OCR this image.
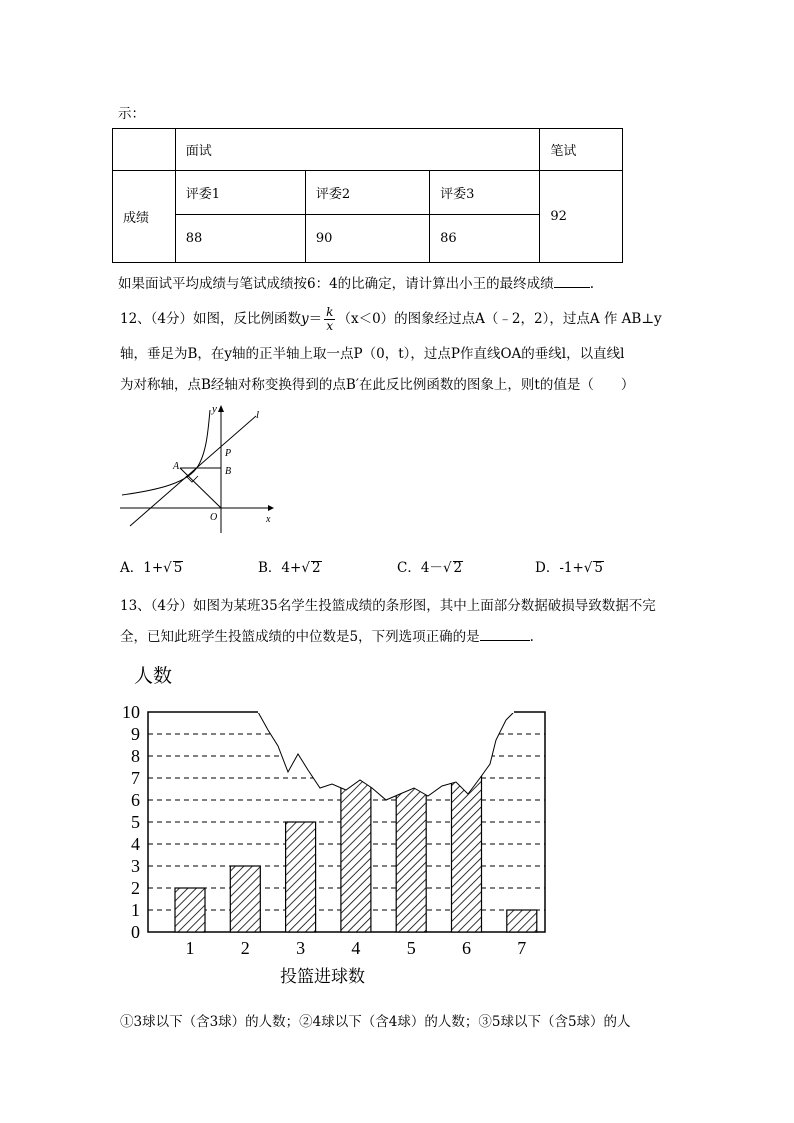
示：
	面试			笔试
成绩	评委1	评委2	评委3	92
	88	90	86	
如果面试平均成绩与笔试成绩按6：4的比确定，请计算出小王的最终成绩	.
12、（4分）如图，反比例函数$y= \frac{k}{x} (x<0)$的图象经过点A（﹣2，2），过点A 作 AB⊥y
轴，垂足为B，在y轴的正半轴上取一点P（0，t），过点P作直线OA的垂线l，以直线l
为对称轴，点B经轴对称变换得到的点B′在此反比例函数的图象上，则t的值是（　　）
y	l
P
A	B
O	x
A．1+√ 5	B．4+√ 2	C．4－√ 2	D．-1+√ 5
13、（4分）如图为某班35名学生投篮成绩的条形图，其中上面部分数据破损导致数据不完
全，已知此班学生投篮成绩的中位数是5，下列选项正确的是	.
人数
0
1
2
3
4
5
6
7
8
9
10
1	2	3	4	5	6	7
投篮进球数
①3球以下（含3球）的人数；②4球以下（含4球）的人数；③5球以下（含5球）的人
